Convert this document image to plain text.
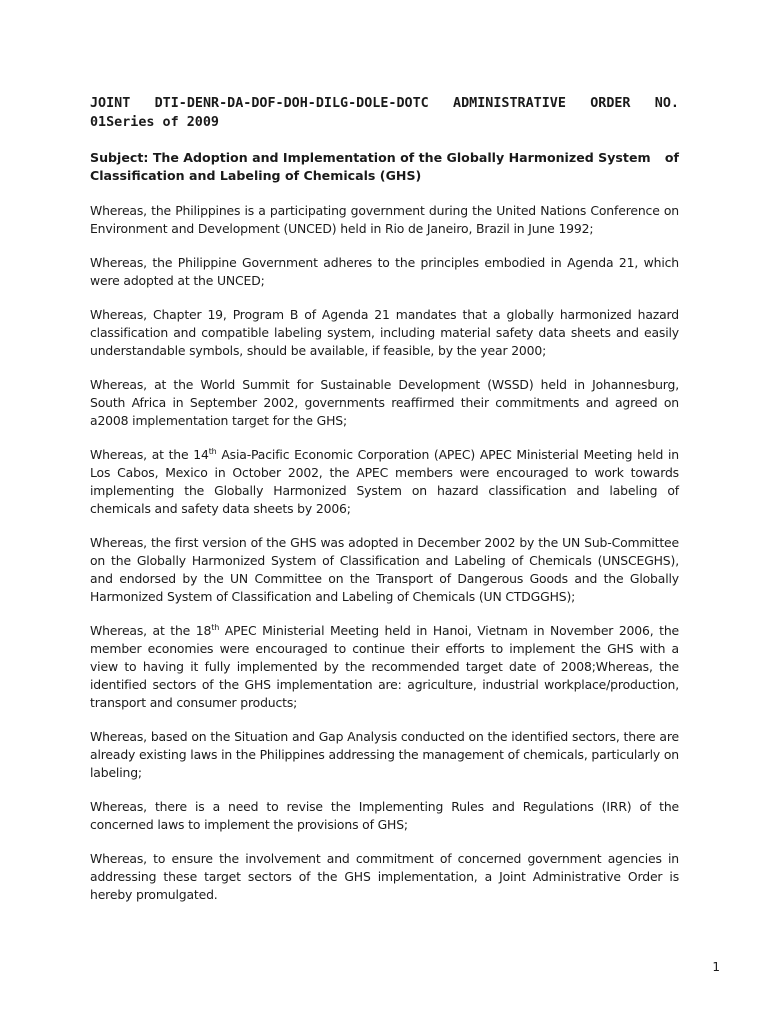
JOINT DTI-DENR-DA-DOF-DOH-DILG-DOLE-DOTC ADMINISTRATIVE ORDER NO. 01Series of 2009
of
Subject: The Adoption and Implementation of the Globally Harmonized System
Classification and Labeling of Chemicals (GHS)

Whereas, the Philippines is a participating government during the United Nations Conference on Environment and Development (UNCED) held in Rio de Janeiro, Brazil in June 1992;

Whereas, the Philippine Government adheres to the principles embodied in Agenda 21, which were adopted at the UNCED;

Whereas, Chapter 19, Program B of Agenda 21 mandates that a globally harmonized hazard classification and compatible labeling system, including material safety data sheets and easily understandable symbols, should be available, if feasible, by the year 2000;

Whereas, at the World Summit for Sustainable Development (WSSD) held in Johannesburg, South Africa in September 2002, governments reaffirmed their commitments and agreed on a2008 implementation target for the GHS;

Whereas, at the 14th Asia-Pacific Economic Corporation (APEC) APEC Ministerial Meeting held in Los Cabos, Mexico in October 2002, the APEC members were encouraged to work towards implementing the Globally Harmonized System on hazard classification and labeling of chemicals and safety data sheets by 2006;

Whereas, the first version of the GHS was adopted in December 2002 by the UN Sub-Committee on the Globally Harmonized System of Classification and Labeling of Chemicals (UNSCEGHS), and endorsed by the UN Committee on the Transport of Dangerous Goods and the Globally Harmonized System of Classification and Labeling of Chemicals (UN CTDGGHS);

Whereas, at the 18th APEC Ministerial Meeting held in Hanoi, Vietnam in November 2006, the member economies were encouraged to continue their efforts to implement the GHS with a view to having it fully implemented by the recommended target date of 2008;Whereas, the identified sectors of the GHS implementation are: agriculture, industrial workplace/production, transport and consumer products;

Whereas, based on the Situation and Gap Analysis conducted on the identified sectors, there are already existing laws in the Philippines addressing the management of chemicals, particularly on labeling;

Whereas, there is a need to revise the Implementing Rules and Regulations (IRR) of the concerned laws to implement the provisions of GHS;

Whereas, to ensure the involvement and commitment of concerned government agencies in addressing these target sectors of the GHS implementation, a Joint Administrative Order is hereby promulgated.

1
